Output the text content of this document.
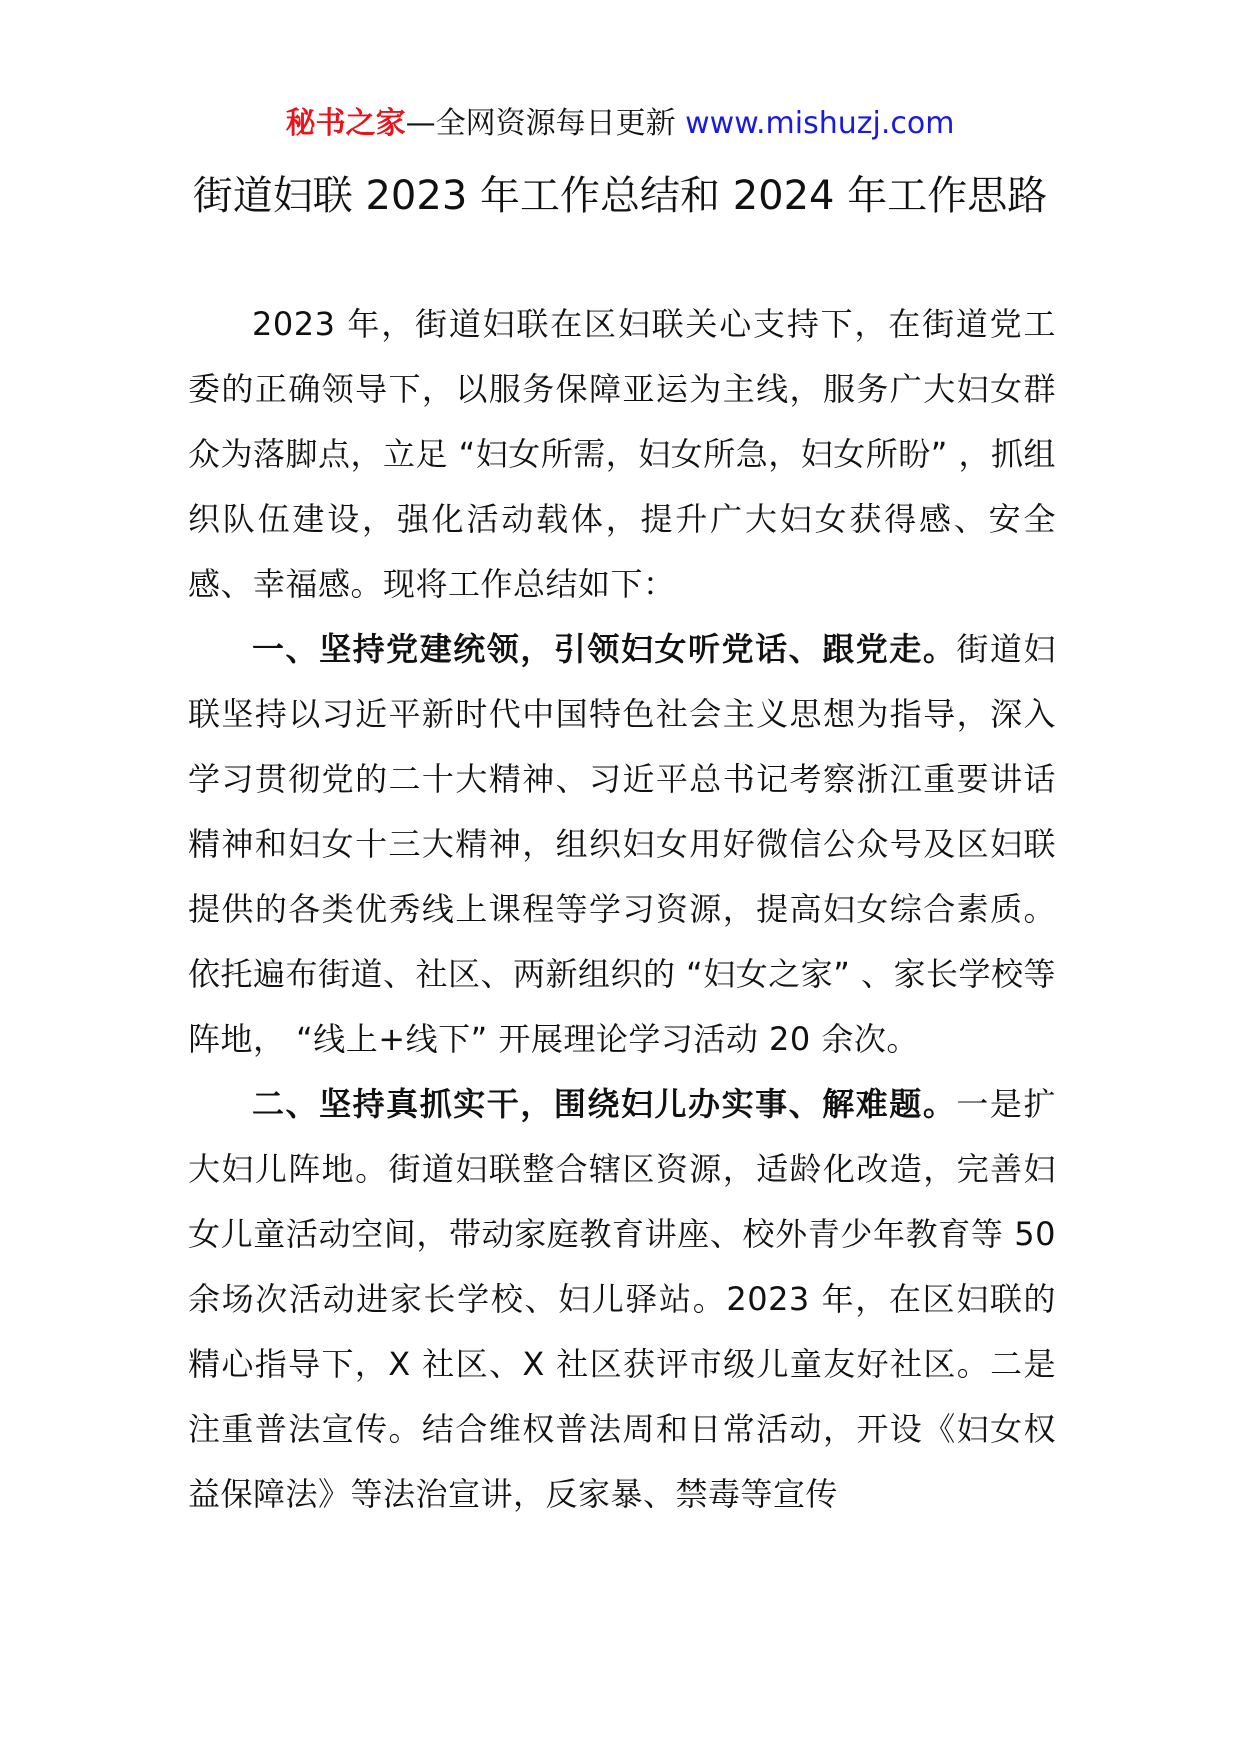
秘书之家—全网资源每日更新 www.mishuzj.com
街道妇联 2023 年工作总结和 2024 年工作思路

2023 年，街道妇联在区妇联关心支持下，在街道党工委的正确领导下，以服务保障亚运为主线，服务广大妇女群众为落脚点，立足 “妇女所需，妇女所急，妇女所盼” ，抓组织队伍建设，强化活动载体，提升广大妇女获得感、安全感、幸福感。现将工作总结如下：

一、坚持党建统领，引领妇女听党话、跟党走。街道妇联坚持以习近平新时代中国特色社会主义思想为指导，深入学习贯彻党的二十大精神、习近平总书记考察浙江重要讲话精神和妇女十三大精神，组织妇女用好微信公众号及区妇联提供的各类优秀线上课程等学习资源，提高妇女综合素质。依托遍布街道、社区、两新组织的 “妇女之家” 、家长学校等阵地， “线上+线下” 开展理论学习活动 20 余次。

二、坚持真抓实干，围绕妇儿办实事、解难题。一是扩大妇儿阵地。街道妇联整合辖区资源，适龄化改造，完善妇女儿童活动空间，带动家庭教育讲座、校外青少年教育等 50 余场次活动进家长学校、妇儿驿站。2023 年，在区妇联的精心指导下，X 社区、X 社区获评市级儿童友好社区。二是注重普法宣传。结合维权普法周和日常活动，开设《妇女权益保障法》等法治宣讲，反家暴、禁毒等宣传
